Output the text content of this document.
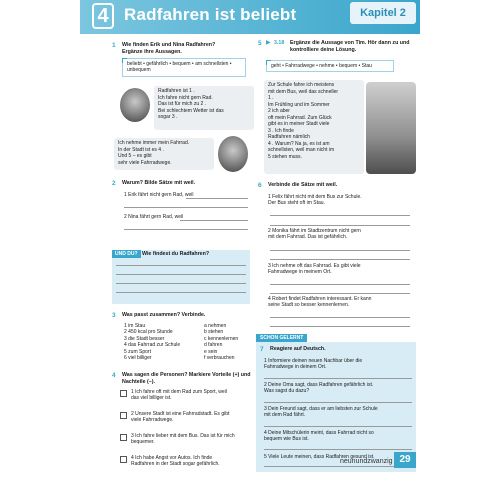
4 Radfahren ist beliebt	Kapitel 2
1 Wie finden Erik und Nina Radfahren?
Ergänze ihre Aussagen.
beliebt • gefährlich • bequem • am schnellsten • unbequem
Radfahren ist 1 .
Ich fahre nicht gern Rad.
Das ist für mich zu 2 .
Bei schlechtem Wetter ist das
sogar 3 .
Ich nehme immer mein Fahrrad.
In der Stadt ist es 4 .
Und 5 – es gibt
sehr viele Fahrradwege.
2 Warum? Bilde Sätze mit weil.
1 Erik fährt nicht gern Rad, weil
2 Nina fährt gern Rad, weil
UND DU? Wie findest du Radfahren?
3 Was passt zusammen? Verbinde.
1 im Stau
2 450 kcal pro Stunde
3 die Stadt besser
4 das Fahrrad zur Schule
5 zum Sport
6 viel billiger
a nehmen
b stehen
c kennenlernen
d fahren
e sein
f verbrauchen
4 Was sagen die Personen? Markiere Vorteile (+) und Nachteile (–).
1 Ich fahre oft mit dem Rad zum Sport, weil
das viel billiger ist.
2 Unsere Stadt ist eine Fahrradstadt. Es gibt
viele Fahrradwege.
3 Ich fahre lieber mit dem Bus. Das ist für mich
bequemer.
4 Ich habe Angst vor Autos. Ich finde
Radfahren in der Stadt sogar gefährlich.
5 ▶ 3.18 Ergänze die Aussage von Tim. Hör dann zu und kontrolliere deine Lösung.
geht • Fahrradwege • nehme • bequem • Stau
Zur Schule fahre ich meistens
mit dem Bus, weil das schneller
1 .
Im Frühling und im Sommer
2 ich aber
oft mein Fahrrad. Zum Glück
gibt es in meiner Stadt viele
3 . Ich finde
Radfahren nämlich
4 . Warum? Na ja, es ist am
schnellsten, weil man nicht im
5 stehen muss.
6 Verbinde die Sätze mit weil.
1 Felix fährt nicht mit dem Bus zur Schule.
Der Bus steht oft im Stau.
2 Monika fährt im Stadtzentrum nicht gern
mit dem Fahrrad. Das ist gefährlich.
3 Ich nehme oft das Fahrrad. Es gibt viele
Fahrradwege in meinem Ort.
4 Robert findet Radfahren interessant. Er kann
seine Stadt so besser kennenlernen.
SCHON GELERNT
7 Reagiere auf Deutsch.
1 Informiere deinen neuen Nachbar über die
Fahrradwege in deinem Ort.
2 Deine Oma sagt, dass Radfahren gefährlich ist.
Was sagst du dazu?
3 Dein Freund sagt, dass er am liebsten zur Schule
mit dem Rad fährt.
4 Deine Mitschülerin meint, dass Fahrrad nicht so
bequem wie Bus ist.
5 Viele Leute meinen, dass Radfahren gesund ist.
neunundzwanzig 29
